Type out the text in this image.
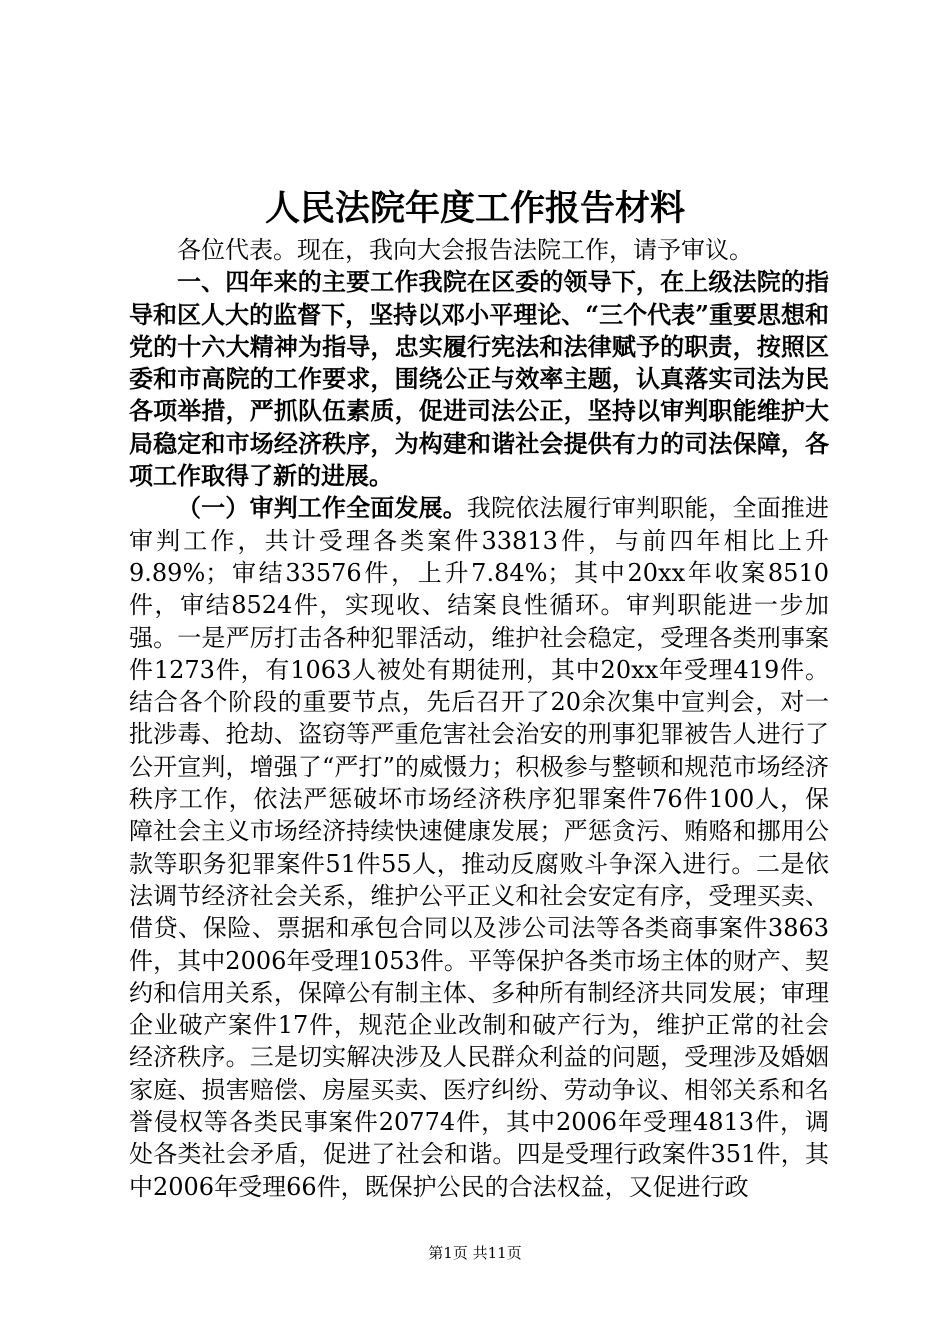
人民法院年度工作报告材料

各位代表。现在，我向大会报告法院工作，请予审议。

一、四年来的主要工作我院在区委的领导下，在上级法院的指导和区人大的监督下，坚持以邓小平理论、“三个代表”重要思想和党的十六大精神为指导，忠实履行宪法和法律赋予的职责，按照区委和市高院的工作要求，围绕公正与效率主题，认真落实司法为民各项举措，严抓队伍素质，促进司法公正，坚持以审判职能维护大局稳定和市场经济秩序，为构建和谐社会提供有力的司法保障，各项工作取得了新的进展。

（一）审判工作全面发展。我院依法履行审判职能，全面推进审判工作，共计受理各类案件33813件，与前四年相比上升9.89%；审结33576件，上升7.84%；其中20xx年收案8510件，审结8524件，实现收、结案良性循环。审判职能进一步加强。一是严厉打击各种犯罪活动，维护社会稳定，受理各类刑事案件1273件，有1063人被处有期徒刑，其中20xx年受理419件。结合各个阶段的重要节点，先后召开了20余次集中宣判会，对一批涉毒、抢劫、盗窃等严重危害社会治安的刑事犯罪被告人进行了公开宣判，增强了“严打”的威慑力；积极参与整顿和规范市场经济秩序工作，依法严惩破坏市场经济秩序犯罪案件76件100人，保障社会主义市场经济持续快速健康发展；严惩贪污、贿赂和挪用公款等职务犯罪案件51件55人，推动反腐败斗争深入进行。二是依法调节经济社会关系，维护公平正义和社会安定有序，受理买卖、借贷、保险、票据和承包合同以及涉公司法等各类商事案件3863件，其中2006年受理1053件。平等保护各类市场主体的财产、契约和信用关系，保障公有制主体、多种所有制经济共同发展；审理企业破产案件17件，规范企业改制和破产行为，维护正常的社会经济秩序。三是切实解决涉及人民群众利益的问题，受理涉及婚姻家庭、损害赔偿、房屋买卖、医疗纠纷、劳动争议、相邻关系和名誉侵权等各类民事案件20774件，其中2006年受理4813件，调处各类社会矛盾，促进了社会和谐。四是受理行政案件351件，其中2006年受理66件，既保护公民的合法权益，又促进行政

第1页 共11页
